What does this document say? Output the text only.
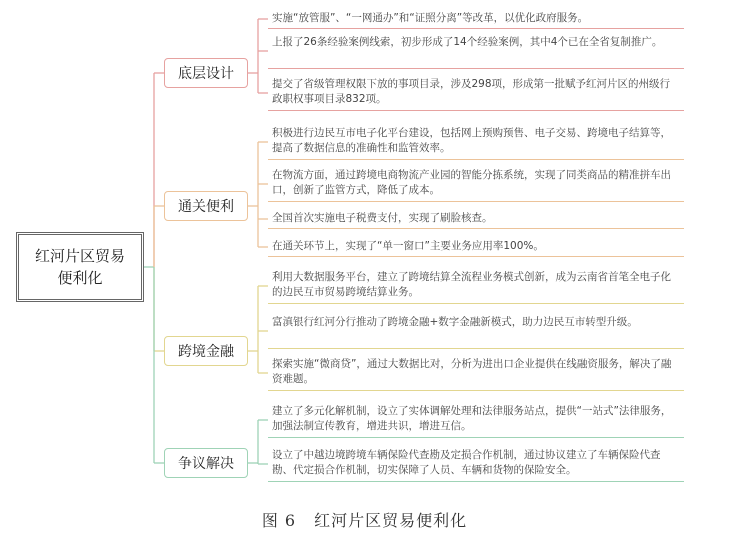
红河片区贸易便利化
底层设计
通关便利
跨境金融
争议解决
实施“放管服”、“一网通办”和“证照分离”等改革，以优化政府服务。
上报了26条经验案例线索，初步形成了14个经验案例，其中4个已在全省复制推广。
提交了省级管理权限下放的事项目录，涉及298项，形成第一批赋予红河片区的州级行政职权事项目录832项。
积极进行边民互市电子化平台建设，包括网上预购预售、电子交易、跨境电子结算等，提高了数据信息的准确性和监管效率。
在物流方面，通过跨境电商物流产业园的智能分拣系统，实现了同类商品的精准拼车出口，创新了监管方式，降低了成本。
全国首次实施电子税费支付，实现了刷脸核查。
在通关环节上，实现了“单一窗口”主要业务应用率100%。
利用大数据服务平台，建立了跨境结算全流程业务模式创新，成为云南省首笔全电子化的边民互市贸易跨境结算业务。
富滇银行红河分行推动了跨境金融+数字金融新模式，助力边民互市转型升级。
探索实施“微商贷”，通过大数据比对，分析为进出口企业提供在线融资服务，解决了融资难题。
建立了多元化解机制，设立了实体调解处理和法律服务站点，提供“一站式”法律服务，加强法制宣传教育，增进共识，增进互信。
设立了中越边境跨境车辆保险代查勘及定损合作机制，通过协议建立了车辆保险代查勘、代定损合作机制，切实保障了人员、车辆和货物的保险安全。
图 6 红河片区贸易便利化
